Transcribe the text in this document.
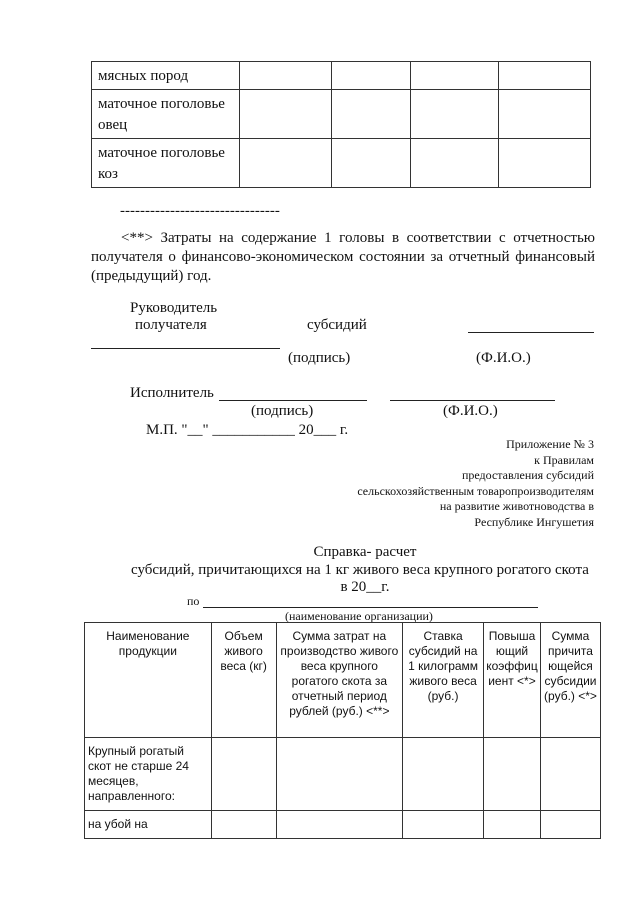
мясных пород				
маточное поголовье овец				
маточное поголовье коз				
--------------------------------
<**> Затраты на содержание 1 головы в соответствии с отчетностью получателя о финансово-экономическом состоянии за отчетный финансовый (предыдущий) год.
Руководитель
получателя	субсидий
(подпись)	(Ф.И.О.)
Исполнитель
(подпись)	(Ф.И.О.)
М.П. "__" ___________ 20___ г.
Приложение № 3
к Правилам
предоставления субсидий
сельскохозяйственным товаропроизводителям
на развитие животноводства в
Республике Ингушетия
Справка- расчет
субсидий, причитающихся на 1 кг живого веса крупного рогатого скота
в 20__г.
по
(наименование организации)
Наименование продукции	Объем живого веса (кг)	Сумма затрат на производство живого веса крупного рогатого скота за отчетный период рублей (руб.) <**>	Ставка субсидий на 1 килограмм живого веса (руб.)	Повыша ющий коэффиц иент <*>	Сумма причита ющейся субсидии (руб.) <*>
Крупный рогатый скот не старше 24 месяцев, направленного:					
на убой на					
